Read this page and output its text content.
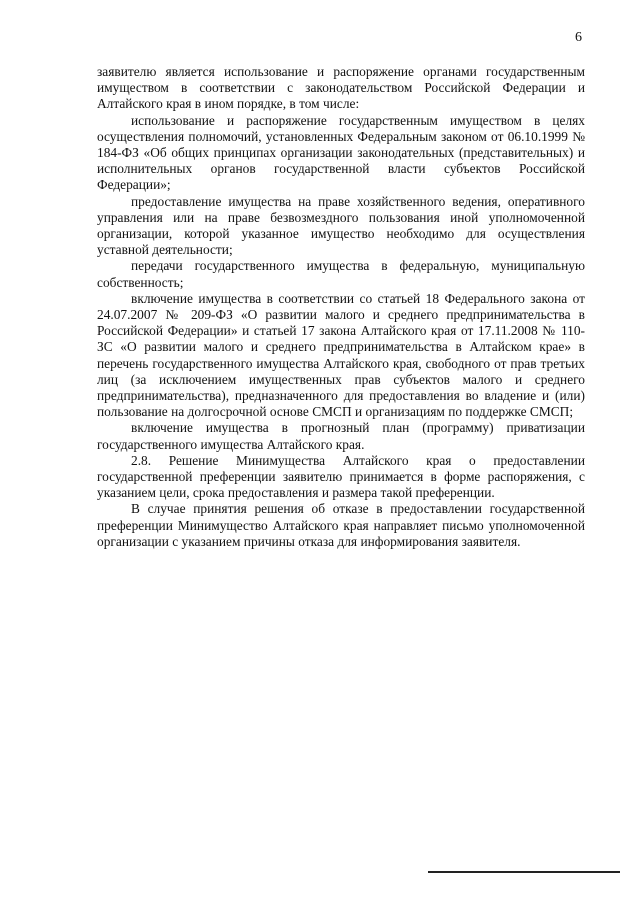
6

заявителю является использование и распоряжение органами государственным имуществом в соответствии с законодательством Российской Федерации и Алтайского края в ином порядке, в том числе:

использование и распоряжение государственным имуществом в целях осуществления полномочий, установленных Федеральным законом от 06.10.1999 № 184-ФЗ «Об общих принципах организации законодательных (представительных) и исполнительных органов государственной власти субъектов Российской Федерации»;

предоставление имущества на праве хозяйственного ведения, оперативного управления или на праве безвозмездного пользования иной уполномоченной организации, которой указанное имущество необходимо для осуществления уставной деятельности;

передачи государственного имущества в федеральную, муниципальную собственность;

включение имущества в соответствии со статьей 18 Федерального закона от 24.07.2007 № 209-ФЗ «О развитии малого и среднего предпринимательства в Российской Федерации» и статьей 17 закона Алтайского края от 17.11.2008 № 110-ЗС «О развитии малого и среднего предпринимательства в Алтайском крае» в перечень государственного имущества Алтайского края, свободного от прав третьих лиц (за исключением имущественных прав субъектов малого и среднего предпринимательства), предназначенного для предоставления во владение и (или) пользование на долгосрочной основе СМСП и организациям по поддержке СМСП;

включение имущества в прогнозный план (программу) приватизации государственного имущества Алтайского края.

2.8. Решение Минимущества Алтайского края о предоставлении государственной преференции заявителю принимается в форме распоряжения, с указанием цели, срока предоставления и размера такой преференции.

В случае принятия решения об отказе в предоставлении государственной преференции Минимущество Алтайского края направляет письмо уполномоченной организации с указанием причины отказа для информирования заявителя.
